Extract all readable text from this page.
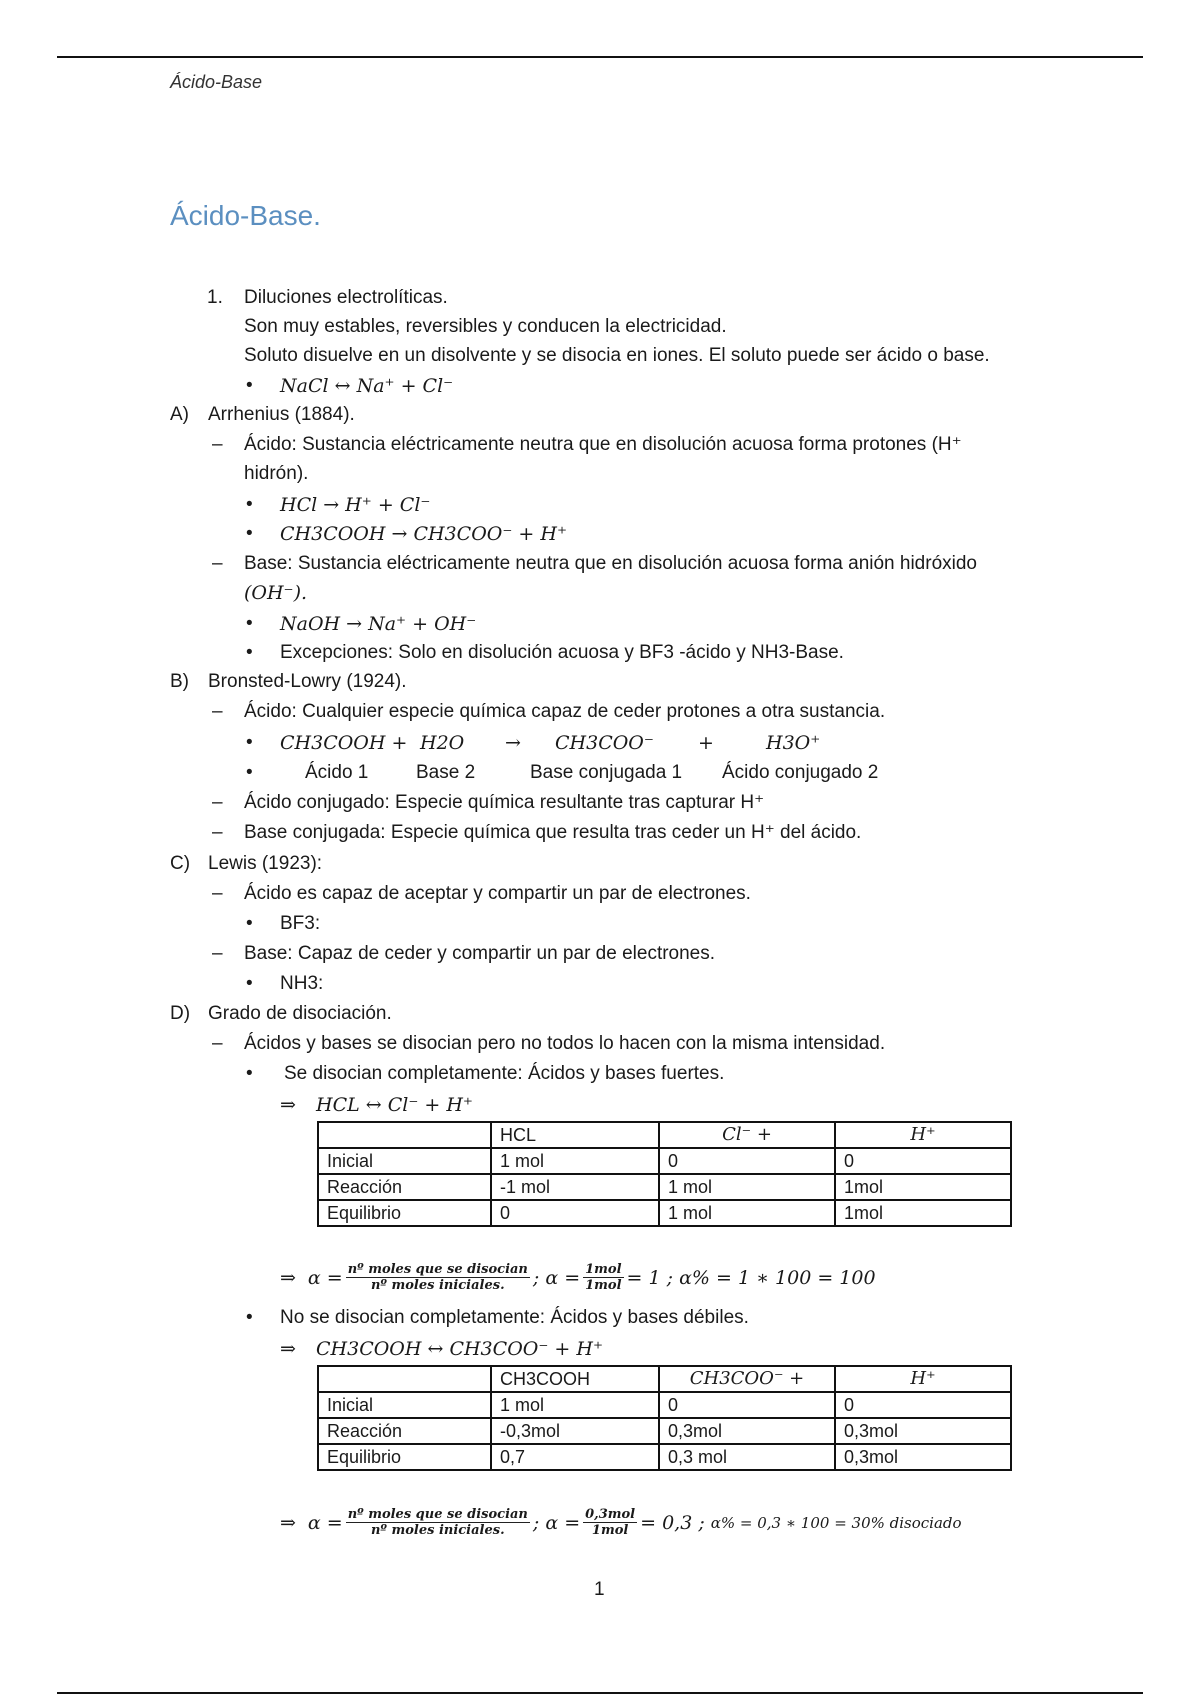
Ácido-Base
Ácido-Base.
1. Diluciones electrolíticas.
Son muy estables, reversibles y conducen la electricidad.
Soluto disuelve en un disolvente y se disocia en iones. El soluto puede ser ácido o base.
• NaCl ↔ Na⁺ + Cl⁻
A) Arrhenius (1884).
– Ácido: Sustancia eléctricamente neutra que en disolución acuosa forma protones (H⁺
hidrón).
• HCl → H⁺ + Cl⁻
• CH3COOH → CH3COO⁻ + H⁺
– Base: Sustancia eléctricamente neutra que en disolución acuosa forma anión hidróxido
(OH⁻).
• NaOH → Na⁺ + OH⁻
• Excepciones: Solo en disolución acuosa y BF3 -ácido y NH3-Base.
B) Bronsted-Lowry (1924).
– Ácido: Cualquier especie química capaz de ceder protones a otra sustancia.
• CH3COOH + H2O → CH3COO⁻ +	H3O⁺
•	Ácido 1	Base 2	Base conjugada 1 Ácido conjugado 2
– Ácido conjugado: Especie química resultante tras capturar H⁺
– Base conjugada: Especie química que resulta tras ceder un H⁺ del ácido.
C) Lewis (1923):
– Ácido es capaz de aceptar y compartir un par de electrones.
• BF3:
– Base: Capaz de ceder y compartir un par de electrones.
• NH3:
D) Grado de disociación.
– Ácidos y bases se disocian pero no todos lo hacen con la misma intensidad.
• Se disocian completamente: Ácidos y bases fuertes.
⇒ HCL ↔ Cl⁻ + H⁺
	HCL	Cl⁻ +	H⁺
Inicial	1 mol	0	0
Reacción	-1 mol	1 mol	1mol
Equilibrio	0	1 mol	1mol
⇒ $\alpha = \frac{\text{nº moles que se disocian}}{\text{nº moles iniciales.}}$ ; $\alpha = \frac{\text{1mol}}{\text{1mol}} = 1$ ; α% = 1 ∗ 100 = 100
• No se disocian completamente: Ácidos y bases débiles.
⇒ CH3COOH ↔ CH3COO⁻ + H⁺
	CH3COOH	CH3COO⁻ +	H⁺
Inicial	1 mol	0	0
Reacción	-0,3mol	0,3mol	0,3mol
Equilibrio	0,7	0,3 mol	0,3mol
⇒ $\alpha = \frac{\text{nº moles que se disocian}}{\text{nº moles iniciales.}}$ ; $\alpha = \frac{\text{0,3mol}}{\text{1mol}} = 0,3$ ; α% = 0,3 ∗ 100 = 30% disociado
1
